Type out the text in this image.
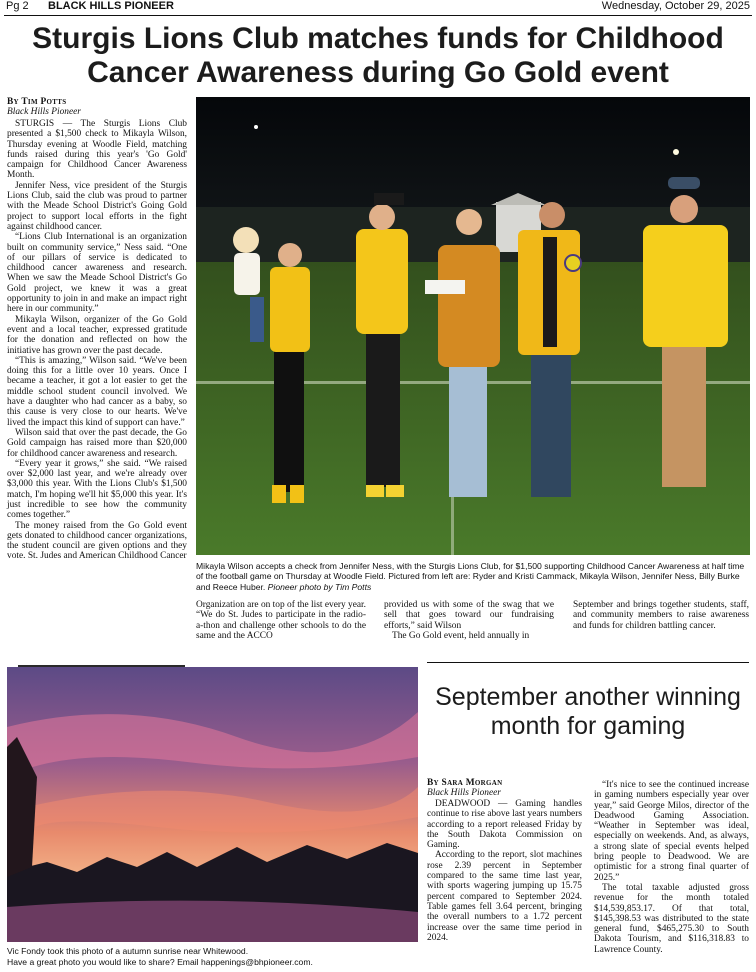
Pg 2 BLACK HILLS PIONEER	Wednesday, October 29, 2025
Sturgis Lions Club matches funds for Childhood Cancer Awareness during Go Gold event
By Tim Potts
Black Hills Pioneer

STURGIS — The Sturgis Lions Club presented a $1,500 check to Mikayla Wilson, Thursday evening at Woodle Field, matching funds raised during this year's 'Go Gold' campaign for Childhood Cancer Awareness Month.

Jennifer Ness, vice president of the Sturgis Lions Club, said the club was proud to partner with the Meade School District's Going Gold project to support local efforts in the fight against childhood cancer.

“Lions Club International is an organization built on community service,” Ness said. “One of our pillars of service is dedicated to childhood cancer awareness and research. When we saw the Meade School District's Go Gold project, we knew it was a great opportunity to join in and make an impact right here in our community.”

Mikayla Wilson, organizer of the Go Gold event and a local teacher, expressed gratitude for the donation and reflected on how the initiative has grown over the past decade.

“This is amazing,” Wilson said. “We've been doing this for a little over 10 years. Once I became a teacher, it got a lot easier to get the middle school student council involved. We have a daughter who had cancer as a baby, so this cause is very close to our hearts. We've lived the impact this kind of support can have.”

Wilson said that over the past decade, the Go Gold campaign has raised more than $20,000 for childhood cancer awareness and research.

“Every year it grows,” she said. “We raised over $2,000 last year, and we're already over $3,000 this year. With the Lions Club's $1,500 match, I'm hoping we'll hit $5,000 this year. It's just incredible to see how the community comes together.”

The money raised from the Go Gold event gets donated to childhood cancer organizations, the student council are given options and they vote. St. Judes and American Childhood Cancer

Mikayla Wilson accepts a check from Jennifer Ness, with the Sturgis Lions Club, for $1,500 supporting Childhood Cancer Awareness at half time of the football game on Thursday at Woodle Field. Pictured from left are: Ryder and Kristi Cammack, Mikayla Wilson, Jennifer Ness, Billy Burke and Reece Huber. Pioneer photo by Tim Potts

Organization are on top of the list every year. “We do St. Judes to participate in the radio-a-thon and challenge other schools to do the same and the ACCO

provided us with some of the swag that we sell that goes toward our fundraising efforts,” said Wilson

The Go Gold event, held annually in

September and brings together students, staff, and community members to raise awareness and funds for children battling cancer.

Vic Fondy took this photo of a autumn sunrise near Whitewood.
Have a great photo you would like to share? Email happenings@bhpioneer.com.
September another winning month for gaming
By Sara Morgan
Black Hills Pioneer

DEADWOOD — Gaming handles continue to rise above last years numbers according to a report released Friday by the South Dakota Commission on Gaming.

According to the report, slot machines rose 2.39 percent in September compared to the same time last year, with sports wagering jumping up 15.75 percent compared to September 2024. Table games fell 3.64 percent, bringing the overall numbers to a 1.72 percent increase over the same time period in 2024.

“It's nice to see the continued increase in gaming numbers especially year over year,” said George Milos, director of the Deadwood Gaming Association. “Weather in September was ideal, especially on weekends. And, as always, a strong slate of special events helped bring people to Deadwood. We are optimistic for a strong final quarter of 2025.”

The total taxable adjusted gross revenue for the month totaled $14,539,853.17. Of that total, $145,398.53 was distributed to the state general fund, $465,275.30 to South Dakota Tourism, and $116,318.83 to Lawrence County.
